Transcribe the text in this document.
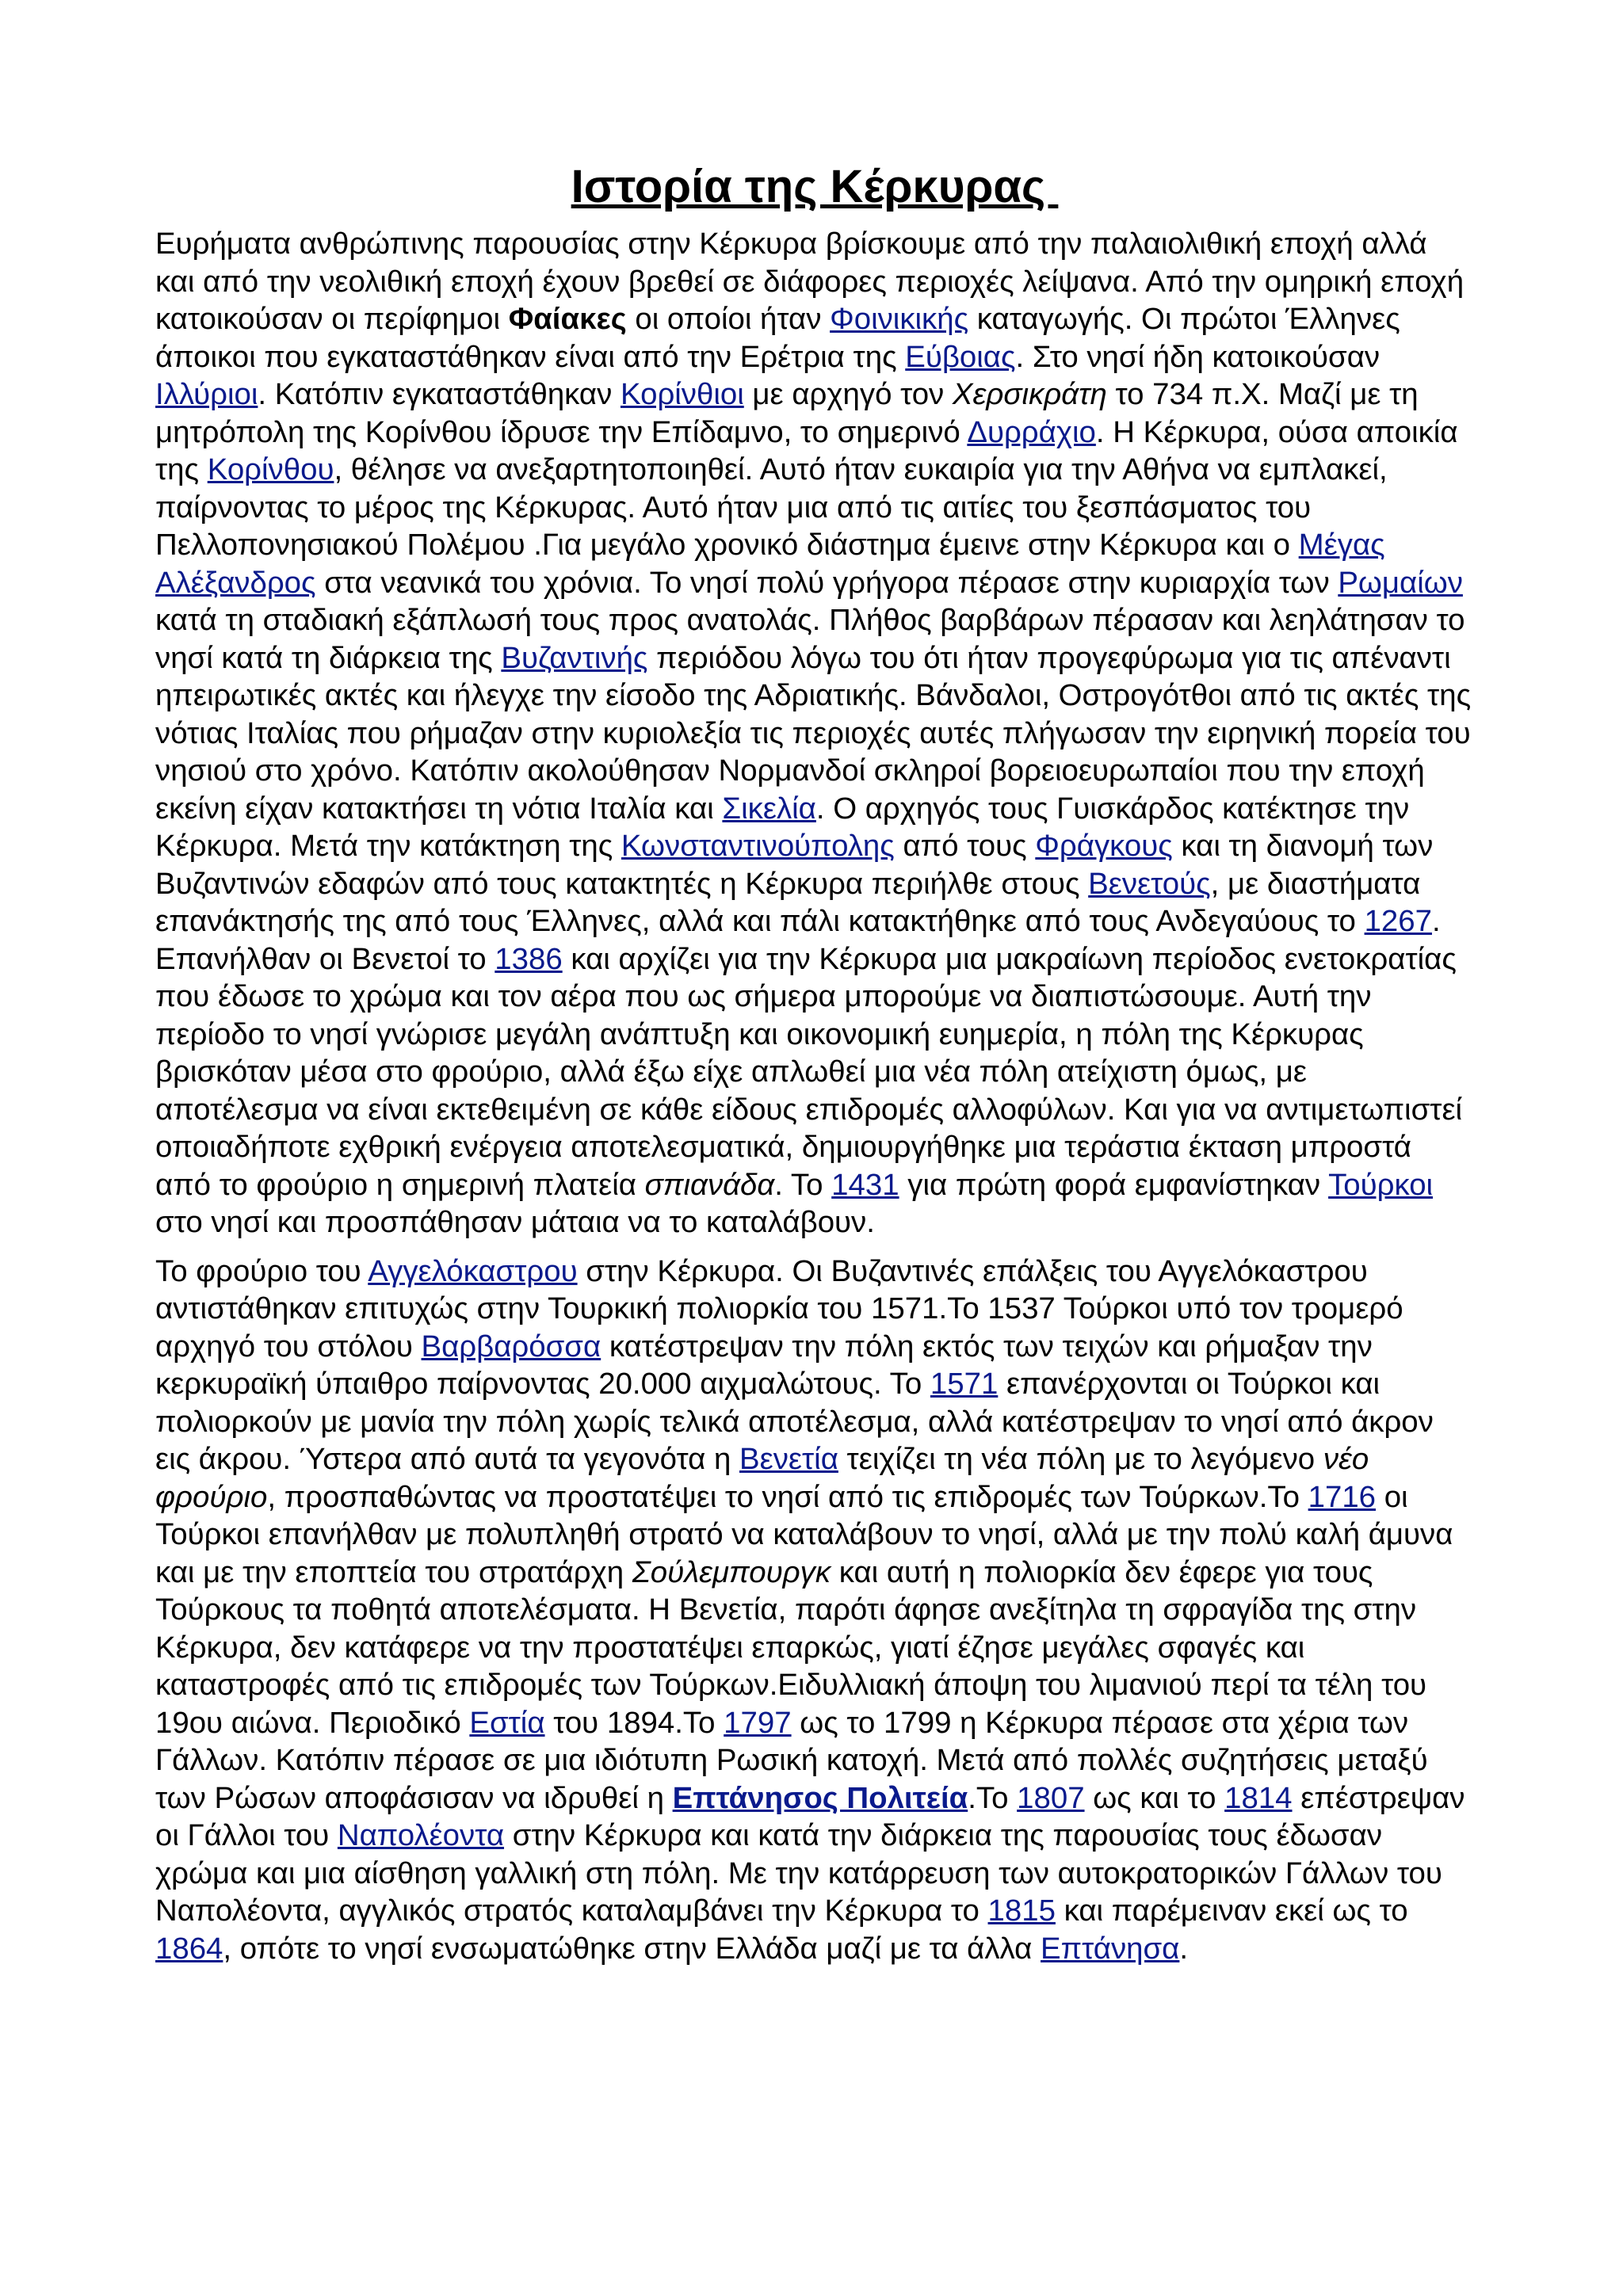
Ιστορία της Κέρκυρας

Ευρήματα ανθρώπινης παρουσίας στην Κέρκυρα βρίσκουμε από την παλαιολιθική εποχή αλλά και από την νεολιθική εποχή έχουν βρεθεί σε διάφορες περιοχές λείψανα. Από την ομηρική εποχή κατοικούσαν οι περίφημοι Φαίακες οι οποίοι ήταν Φοινικικής καταγωγής. Οι πρώτοι Έλληνες άποικοι που εγκαταστάθηκαν είναι από την Ερέτρια της Εύβοιας. Στο νησί ήδη κατοικούσαν Ιλλύριοι. Κατόπιν εγκαταστάθηκαν Κορίνθιοι με αρχηγό τον Χερσικράτη το 734 π.Χ. Μαζί με τη μητρόπολη της Κορίνθου ίδρυσε την Επίδαμνο, το σημερινό Δυρράχιο. Η Κέρκυρα, ούσα αποικία της Κορίνθου, θέλησε να ανεξαρτητοποιηθεί. Αυτό ήταν ευκαιρία για την Αθήνα να εμπλακεί, παίρνοντας το μέρος της Κέρκυρας. Αυτό ήταν μια από τις αιτίες του ξεσπάσματος του Πελλοπονησιακού Πολέμου .Για μεγάλο χρονικό διάστημα έμεινε στην Κέρκυρα και ο Μέγας Αλέξανδρος στα νεανικά του χρόνια. Το νησί πολύ γρήγορα πέρασε στην κυριαρχία των Ρωμαίων κατά τη σταδιακή εξάπλωσή τους προς ανατολάς. Πλήθος βαρβάρων πέρασαν και λεηλάτησαν το νησί κατά τη διάρκεια της Βυζαντινής περιόδου λόγω του ότι ήταν προγεφύρωμα για τις απέναντι ηπειρωτικές ακτές και ήλεγχε την είσοδο της Αδριατικής. Βάνδαλοι, Οστρογότθοι από τις ακτές της νότιας Ιταλίας που ρήμαζαν στην κυριολεξία τις περιοχές αυτές πλήγωσαν την ειρηνική πορεία του νησιού στο χρόνο. Κατόπιν ακολούθησαν Νορμανδοί σκληροί βορειοευρωπαίοι που την εποχή εκείνη είχαν κατακτήσει τη νότια Ιταλία και Σικελία. Ο αρχηγός τους Γυισκάρδος κατέκτησε την Κέρκυρα. Μετά την κατάκτηση της Κωνσταντινούπολης από τους Φράγκους και τη διανομή των Βυζαντινών εδαφών από τους κατακτητές η Κέρκυρα περιήλθε στους Βενετούς, με διαστήματα επανάκτησής της από τους Έλληνες, αλλά και πάλι κατακτήθηκε από τους Ανδεγαύους το 1267. Επανήλθαν οι Βενετοί το 1386 και αρχίζει για την Κέρκυρα μια μακραίωνη περίοδος ενετοκρατίας που έδωσε το χρώμα και τον αέρα που ως σήμερα μπορούμε να διαπιστώσουμε. Αυτή την περίοδο το νησί γνώρισε μεγάλη ανάπτυξη και οικονομική ευημερία, η πόλη της Κέρκυρας βρισκόταν μέσα στο φρούριο, αλλά έξω είχε απλωθεί μια νέα πόλη ατείχιστη όμως, με αποτέλεσμα να είναι εκτεθειμένη σε κάθε είδους επιδρομές αλλοφύλων. Και για να αντιμετωπιστεί οποιαδήποτε εχθρική ενέργεια αποτελεσματικά, δημιουργήθηκε μια τεράστια έκταση μπροστά από το φρούριο η σημερινή πλατεία σπιανάδα. Το 1431 για πρώτη φορά εμφανίστηκαν Τούρκοι στο νησί και προσπάθησαν μάταια να το καταλάβουν.

Το φρούριο του Αγγελόκαστρου στην Κέρκυρα. Οι Βυζαντινές επάλξεις του Αγγελόκαστρου αντιστάθηκαν επιτυχώς στην Τουρκική πολιορκία του 1571.Το 1537 Τούρκοι υπό τον τρομερό αρχηγό του στόλου Βαρβαρόσσα κατέστρεψαν την πόλη εκτός των τειχών και ρήμαξαν την κερκυραϊκή ύπαιθρο παίρνοντας 20.000 αιχμαλώτους. Το 1571 επανέρχονται οι Τούρκοι και πολιορκούν με μανία την πόλη χωρίς τελικά αποτέλεσμα, αλλά κατέστρεψαν το νησί από άκρον εις άκρου. Ύστερα από αυτά τα γεγονότα η Βενετία τειχίζει τη νέα πόλη με το λεγόμενο νέο φρούριο, προσπαθώντας να προστατέψει το νησί από τις επιδρομές των Τούρκων.Το 1716 οι Τούρκοι επανήλθαν με πολυπληθή στρατό να καταλάβουν το νησί, αλλά με την πολύ καλή άμυνα και με την εποπτεία του στρατάρχη Σούλεμπουργκ και αυτή η πολιορκία δεν έφερε για τους Τούρκους τα ποθητά αποτελέσματα. Η Βενετία, παρότι άφησε ανεξίτηλα τη σφραγίδα της στην Κέρκυρα, δεν κατάφερε να την προστατέψει επαρκώς, γιατί έζησε μεγάλες σφαγές και καταστροφές από τις επιδρομές των Τούρκων.Ειδυλλιακή άποψη του λιμανιού περί τα τέλη του 19ου αιώνα. Περιοδικό Εστία του 1894.Το 1797 ως το 1799 η Κέρκυρα πέρασε στα χέρια των Γάλλων. Κατόπιν πέρασε σε μια ιδιότυπη Ρωσική κατοχή. Μετά από πολλές συζητήσεις μεταξύ των Ρώσων αποφάσισαν να ιδρυθεί η Επτάνησος Πολιτεία.Το 1807 ως και το 1814 επέστρεψαν οι Γάλλοι του Ναπολέοντα στην Κέρκυρα και κατά την διάρκεια της παρουσίας τους έδωσαν χρώμα και μια αίσθηση γαλλική στη πόλη. Με την κατάρρευση των αυτοκρατορικών Γάλλων του Ναπολέοντα, αγγλικός στρατός καταλαμβάνει την Κέρκυρα το 1815 και παρέμειναν εκεί ως το 1864, οπότε το νησί ενσωματώθηκε στην Ελλάδα μαζί με τα άλλα Επτάνησα.
